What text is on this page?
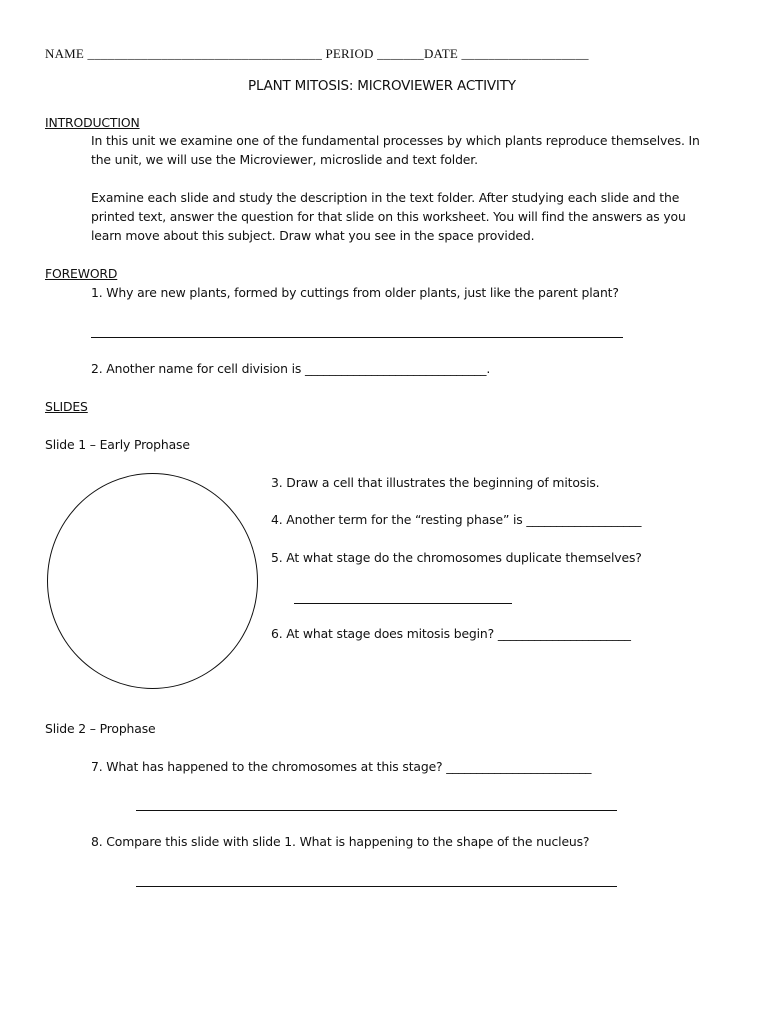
NAME ___________________________________ PERIOD _______DATE ___________________
PLANT MITOSIS: MICROVIEWER ACTIVITY
INTRODUCTION
In this unit we examine one of the fundamental processes by which plants reproduce themselves. In
the unit, we will use the Microviewer, microslide and text folder.
Examine each slide and study the description in the text folder. After studying each slide and the
printed text, answer the question for that slide on this worksheet. You will find the answers as you
learn move about this subject. Draw what you see in the space provided.
FOREWORD
1. Why are new plants, formed by cuttings from older plants, just like the parent plant?
2. Another name for cell division is ______________________________.
SLIDES
Slide 1 – Early Prophase
3. Draw a cell that illustrates the beginning of mitosis.
4. Another term for the “resting phase” is ___________________
5. At what stage do the chromosomes duplicate themselves?
6. At what stage does mitosis begin? ______________________
Slide 2 – Prophase
7. What has happened to the chromosomes at this stage? ________________________
8. Compare this slide with slide 1. What is happening to the shape of the nucleus?
